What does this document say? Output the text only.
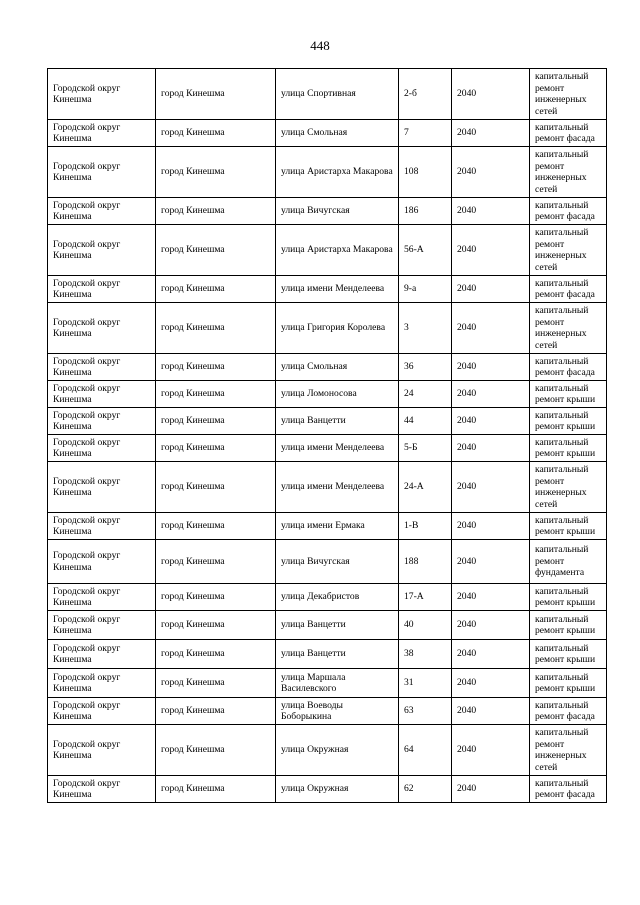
448
Городской округ Кинешма	город Кинешма	улица Спортивная	2-б	2040	капитальный ремонт инженерных сетей
Городской округ Кинешма	город Кинешма	улица Смольная	7	2040	капитальный ремонт фасада
Городской округ Кинешма	город Кинешма	улица Аристарха Макарова	108	2040	капитальный ремонт инженерных сетей
Городской округ Кинешма	город Кинешма	улица Вичугская	186	2040	капитальный ремонт фасада
Городской округ Кинешма	город Кинешма	улица Аристарха Макарова	56-А	2040	капитальный ремонт инженерных сетей
Городской округ Кинешма	город Кинешма	улица имени Менделеева	9-а	2040	капитальный ремонт фасада
Городской округ Кинешма	город Кинешма	улица Григория Королева	3	2040	капитальный ремонт инженерных сетей
Городской округ Кинешма	город Кинешма	улица Смольная	36	2040	капитальный ремонт фасада
Городской округ Кинешма	город Кинешма	улица Ломоносова	24	2040	капитальный ремонт крыши
Городской округ Кинешма	город Кинешма	улица Ванцетти	44	2040	капитальный ремонт крыши
Городской округ Кинешма	город Кинешма	улица имени Менделеева	5-Б	2040	капитальный ремонт крыши
Городской округ Кинешма	город Кинешма	улица имени Менделеева	24-А	2040	капитальный ремонт инженерных сетей
Городской округ Кинешма	город Кинешма	улица имени Ермака	1-В	2040	капитальный ремонт крыши
Городской округ Кинешма	город Кинешма	улица Вичугская	188	2040	капитальный ремонт фундамента
Городской округ Кинешма	город Кинешма	улица Декабристов	17-А	2040	капитальный ремонт крыши
Городской округ Кинешма	город Кинешма	улица Ванцетти	40	2040	капитальный ремонт крыши
Городской округ Кинешма	город Кинешма	улица Ванцетти	38	2040	капитальный ремонт крыши
Городской округ Кинешма	город Кинешма	улица Маршала Василевского	31	2040	капитальный ремонт крыши
Городской округ Кинешма	город Кинешма	улица Воеводы Боборыкина	63	2040	капитальный ремонт фасада
Городской округ Кинешма	город Кинешма	улица Окружная	64	2040	капитальный ремонт инженерных сетей
Городской округ Кинешма	город Кинешма	улица Окружная	62	2040	капитальный ремонт фасада
